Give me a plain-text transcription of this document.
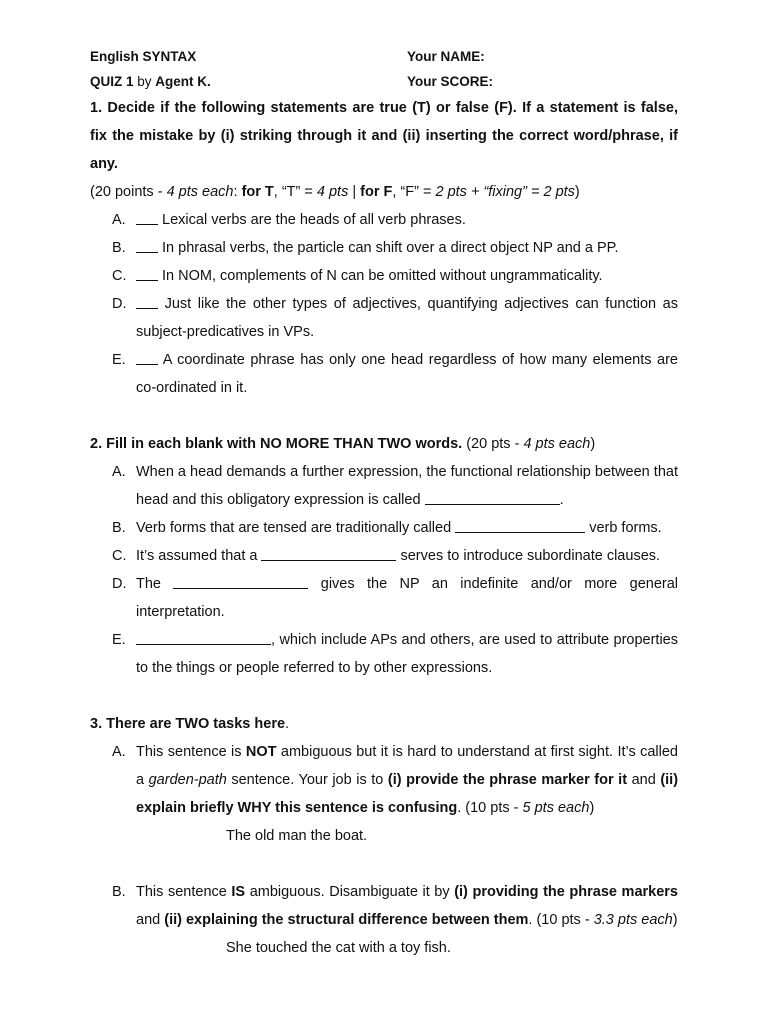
English SYNTAX	Your NAME:
QUIZ 1 by Agent K.	Your SCORE:

1. Decide if the following statements are true (T) or false (F). If a statement is false, fix the mistake by (i) striking through it and (ii) inserting the correct word/phrase, if any.

(20 points - 4 pts each: for T, “T” = 4 pts | for F, “F” = 2 pts + “fixing” = 2 pts)

A. Lexical verbs are the heads of all verb phrases.
B. In phrasal verbs, the particle can shift over a direct object NP and a PP.
C. In NOM, complements of N can be omitted without ungrammaticality.
D. Just like the other types of adjectives, quantifying adjectives can function as subject-predicatives in VPs.
E. A coordinate phrase has only one head regardless of how many elements are co-ordinated in it.

2. Fill in each blank with NO MORE THAN TWO words. (20 pts - 4 pts each)

A. When a head demands a further expression, the functional relationship between that head and this obligatory expression is called	.
B. Verb forms that are tensed are traditionally called	verb forms.
C. It’s assumed that a	serves to introduce subordinate clauses.
D. The	gives the NP an indefinite and/or more general interpretation.
E.	, which include APs and others, are used to attribute properties to the things or people referred to by other expressions.

3. There are TWO tasks here.

A. This sentence is NOT ambiguous but it is hard to understand at first sight. It’s called a garden-path sentence. Your job is to (i) provide the phrase marker for it and (ii) explain briefly WHY this sentence is confusing. (10 pts - 5 pts each)

The old man the boat.

B. This sentence IS ambiguous. Disambiguate it by (i) providing the phrase markers and (ii) explaining the structural difference between them. (10 pts - 3.3 pts each)

She touched the cat with a toy fish.
